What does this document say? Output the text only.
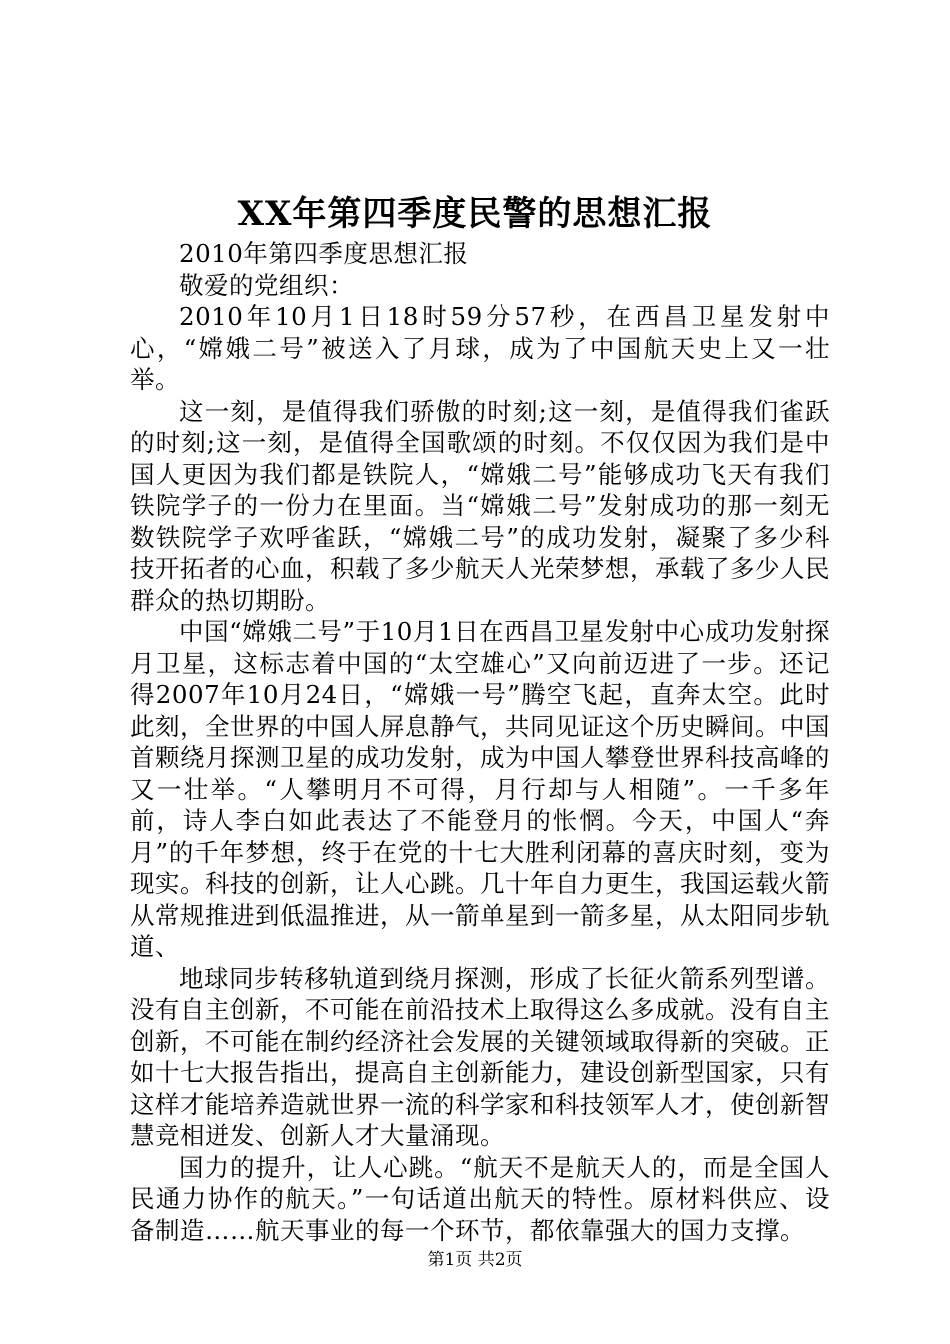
XX年第四季度民警的思想汇报

2010年第四季度思想汇报

敬爱的党组织：

2010年10月1日18时59分57秒，在西昌卫星发射中心，“嫦娥二号”被送入了月球，成为了中国航天史上又一壮举。

这一刻，是值得我们骄傲的时刻;这一刻，是值得我们雀跃的时刻;这一刻，是值得全国歌颂的时刻。不仅仅因为我们是中国人更因为我们都是铁院人，“嫦娥二号”能够成功飞天有我们铁院学子的一份力在里面。当“嫦娥二号”发射成功的那一刻无数铁院学子欢呼雀跃，“嫦娥二号”的成功发射，凝聚了多少科技开拓者的心血，积载了多少航天人光荣梦想，承载了多少人民群众的热切期盼。

中国“嫦娥二号”于10月1日在西昌卫星发射中心成功发射探月卫星，这标志着中国的“太空雄心”又向前迈进了一步。还记得2007年10月24日，“嫦娥一号”腾空飞起，直奔太空。此时此刻，全世界的中国人屏息静气，共同见证这个历史瞬间。中国首颗绕月探测卫星的成功发射，成为中国人攀登世界科技高峰的又一壮举。“人攀明月不可得，月行却与人相随”。一千多年前，诗人李白如此表达了不能登月的怅惘。今天，中国人“奔月”的千年梦想，终于在党的十七大胜利闭幕的喜庆时刻，变为现实。科技的创新，让人心跳。几十年自力更生，我国运载火箭从常规推进到低温推进，从一箭单星到一箭多星，从太阳同步轨道、

地球同步转移轨道到绕月探测，形成了长征火箭系列型谱。没有自主创新，不可能在前沿技术上取得这么多成就。没有自主创新，不可能在制约经济社会发展的关键领域取得新的突破。正如十七大报告指出，提高自主创新能力，建设创新型国家，只有这样才能培养造就世界一流的科学家和科技领军人才，使创新智慧竞相迸发、创新人才大量涌现。

国力的提升，让人心跳。“航天不是航天人的，而是全国人民通力协作的航天。”一句话道出航天的特性。原材料供应、设备制造……航天事业的每一个环节，都依靠强大的国力支撑。

第1页 共2页
